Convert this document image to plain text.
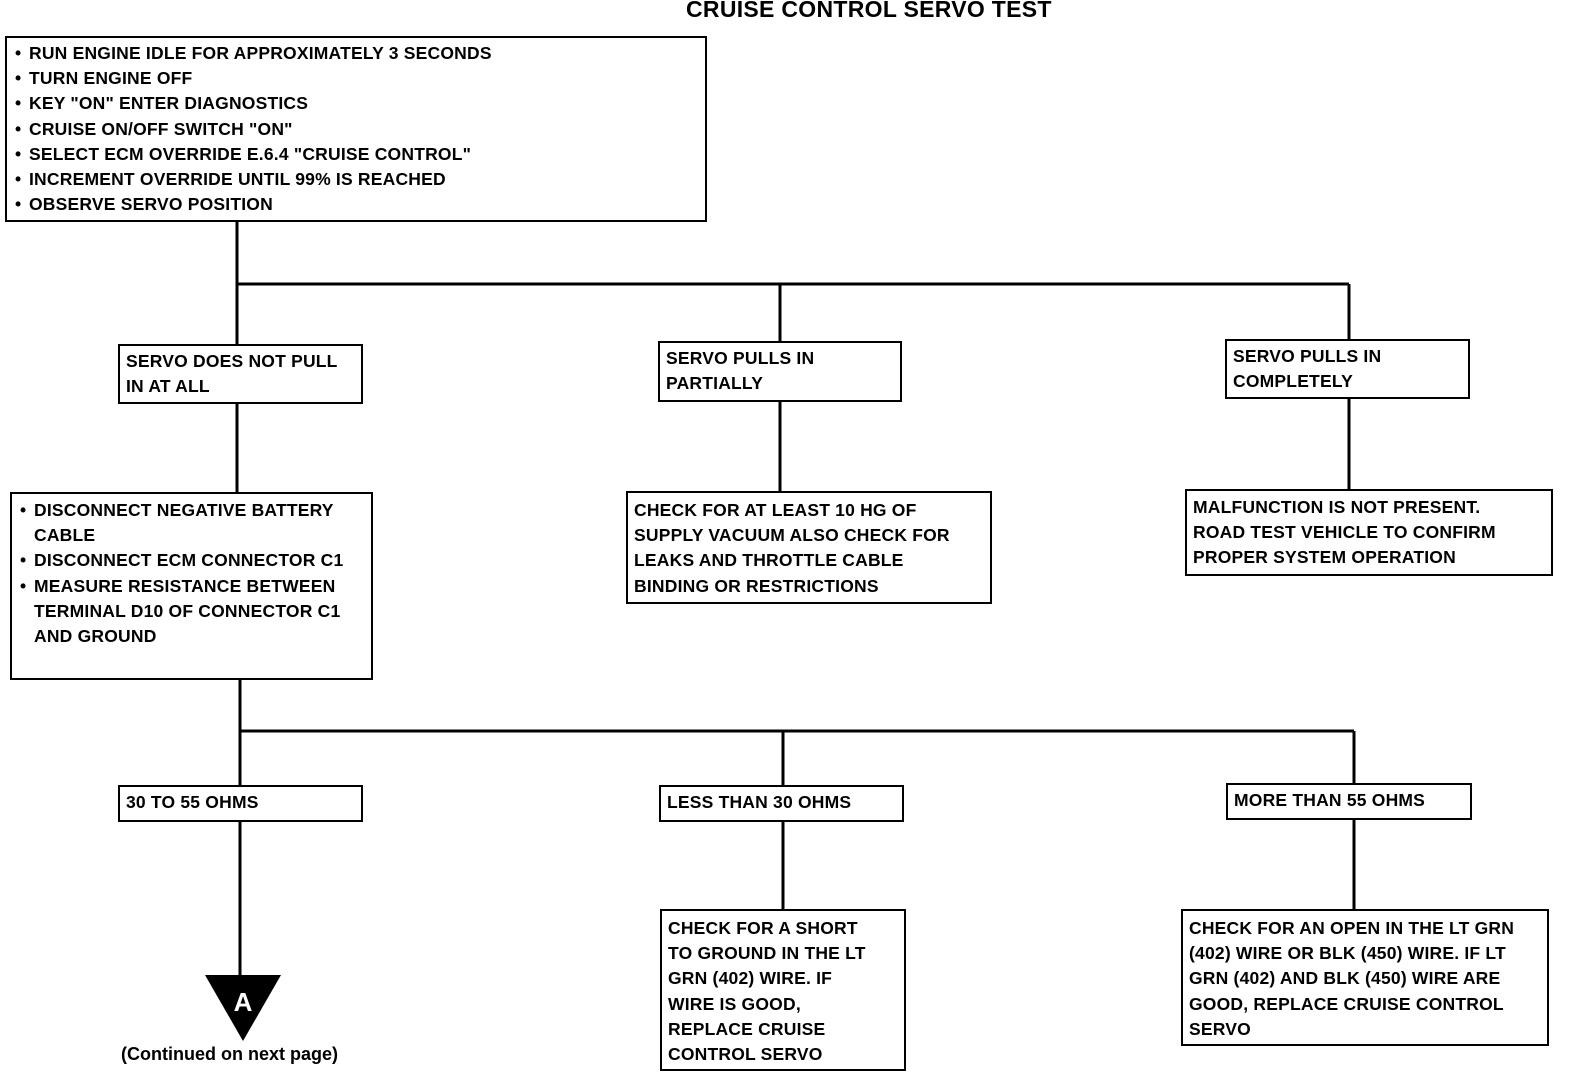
CRUISE CONTROL SERVO TEST
• RUN ENGINE IDLE FOR APPROXIMATELY 3 SECONDS
• TURN ENGINE OFF
• KEY "ON" ENTER DIAGNOSTICS
• CRUISE ON/OFF SWITCH "ON"
• SELECT ECM OVERRIDE E.6.4 "CRUISE CONTROL"
• INCREMENT OVERRIDE UNTIL 99% IS REACHED
• OBSERVE SERVO POSITION
SERVO DOES NOT PULL
IN AT ALL
SERVO PULLS IN
PARTIALLY
SERVO PULLS IN
COMPLETELY
• DISCONNECT NEGATIVE BATTERY CABLE
• DISCONNECT ECM CONNECTOR C1
• MEASURE RESISTANCE BETWEEN TERMINAL D10 OF CONNECTOR C1 AND GROUND
CHECK FOR AT LEAST 10 HG OF
SUPPLY VACUUM ALSO CHECK FOR
LEAKS AND THROTTLE CABLE
BINDING OR RESTRICTIONS
MALFUNCTION IS NOT PRESENT.
ROAD TEST VEHICLE TO CONFIRM
PROPER SYSTEM OPERATION
30 TO 55 OHMS	LESS THAN 30 OHMS	MORE THAN 55 OHMS
CHECK FOR A SHORT
TO GROUND IN THE LT
GRN (402) WIRE. IF
WIRE IS GOOD,
REPLACE CRUISE
CONTROL SERVO
CHECK FOR AN OPEN IN THE LT GRN
(402) WIRE OR BLK (450) WIRE. IF LT
GRN (402) AND BLK (450) WIRE ARE
GOOD, REPLACE CRUISE CONTROL
SERVO
A
(Continued on next page)
